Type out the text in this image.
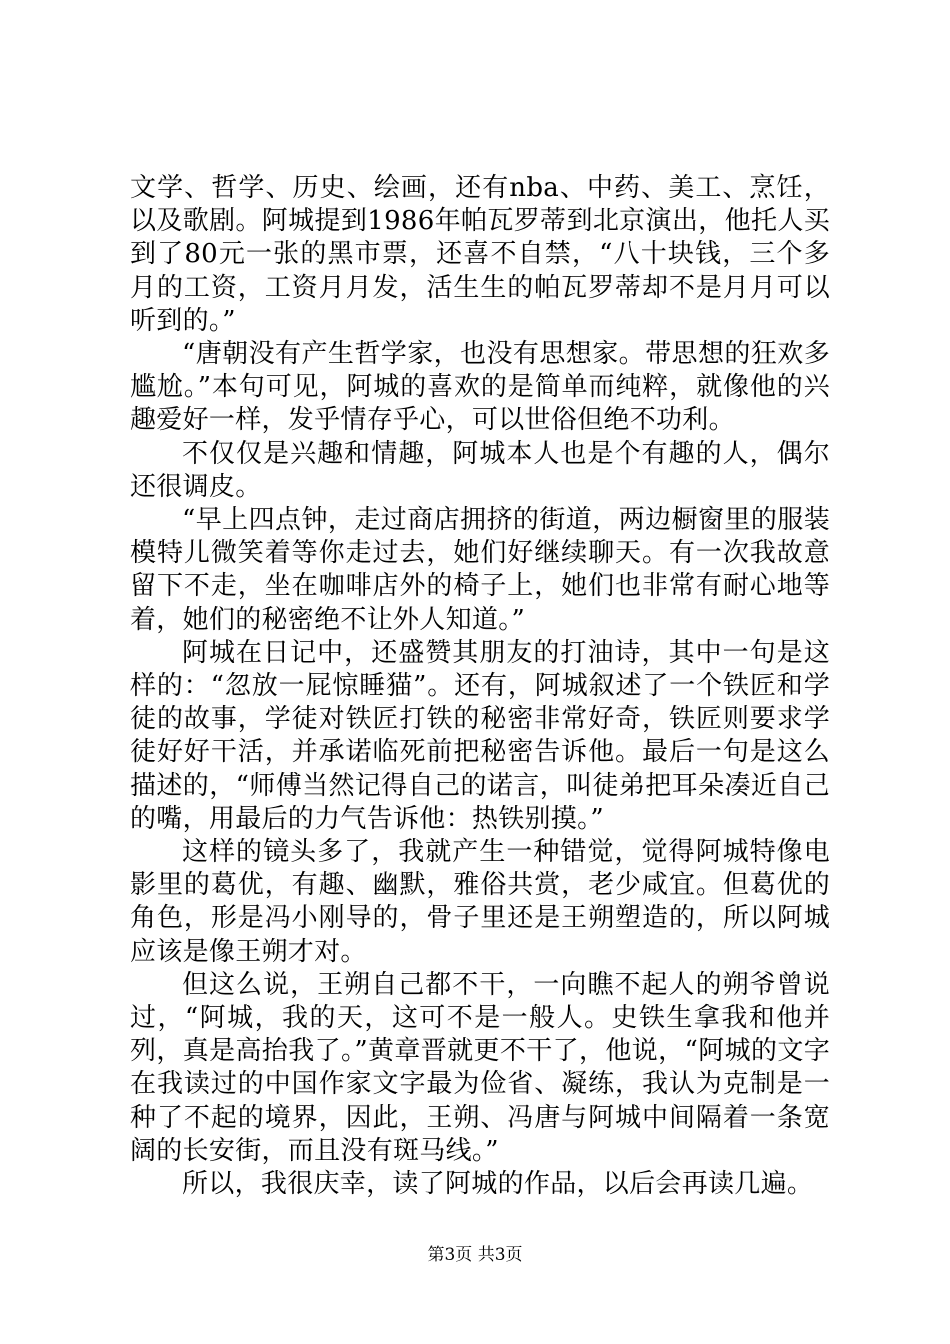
文学、哲学、历史、绘画，还有nba、中药、美工、烹饪，以及歌剧。阿城提到1986年帕瓦罗蒂到北京演出，他托人买到了80元一张的黑市票，还喜不自禁，“八十块钱，三个多月的工资，工资月月发，活生生的帕瓦罗蒂却不是月月可以听到的。”

“唐朝没有产生哲学家，也没有思想家。带思想的狂欢多尴尬。”本句可见，阿城的喜欢的是简单而纯粹，就像他的兴趣爱好一样，发乎情存乎心，可以世俗但绝不功利。

不仅仅是兴趣和情趣，阿城本人也是个有趣的人，偶尔还很调皮。

“早上四点钟，走过商店拥挤的街道，两边橱窗里的服装模特儿微笑着等你走过去，她们好继续聊天。有一次我故意留下不走，坐在咖啡店外的椅子上，她们也非常有耐心地等着，她们的秘密绝不让外人知道。”

阿城在日记中，还盛赞其朋友的打油诗，其中一句是这样的：“忽放一屁惊睡猫”。还有，阿城叙述了一个铁匠和学徒的故事，学徒对铁匠打铁的秘密非常好奇，铁匠则要求学徒好好干活，并承诺临死前把秘密告诉他。最后一句是这么描述的，“师傅当然记得自己的诺言，叫徒弟把耳朵凑近自己的嘴，用最后的力气告诉他：热铁别摸。”

这样的镜头多了，我就产生一种错觉，觉得阿城特像电影里的葛优，有趣、幽默，雅俗共赏，老少咸宜。但葛优的角色，形是冯小刚导的，骨子里还是王朔塑造的，所以阿城应该是像王朔才对。

但这么说，王朔自己都不干，一向瞧不起人的朔爷曾说过，“阿城，我的天，这可不是一般人。史铁生拿我和他并列，真是高抬我了。”黄章晋就更不干了，他说，“阿城的文字在我读过的中国作家文字最为俭省、凝练，我认为克制是一种了不起的境界，因此，王朔、冯唐与阿城中间隔着一条宽阔的长安街，而且没有斑马线。”

所以，我很庆幸，读了阿城的作品，以后会再读几遍。

第3页 共3页
